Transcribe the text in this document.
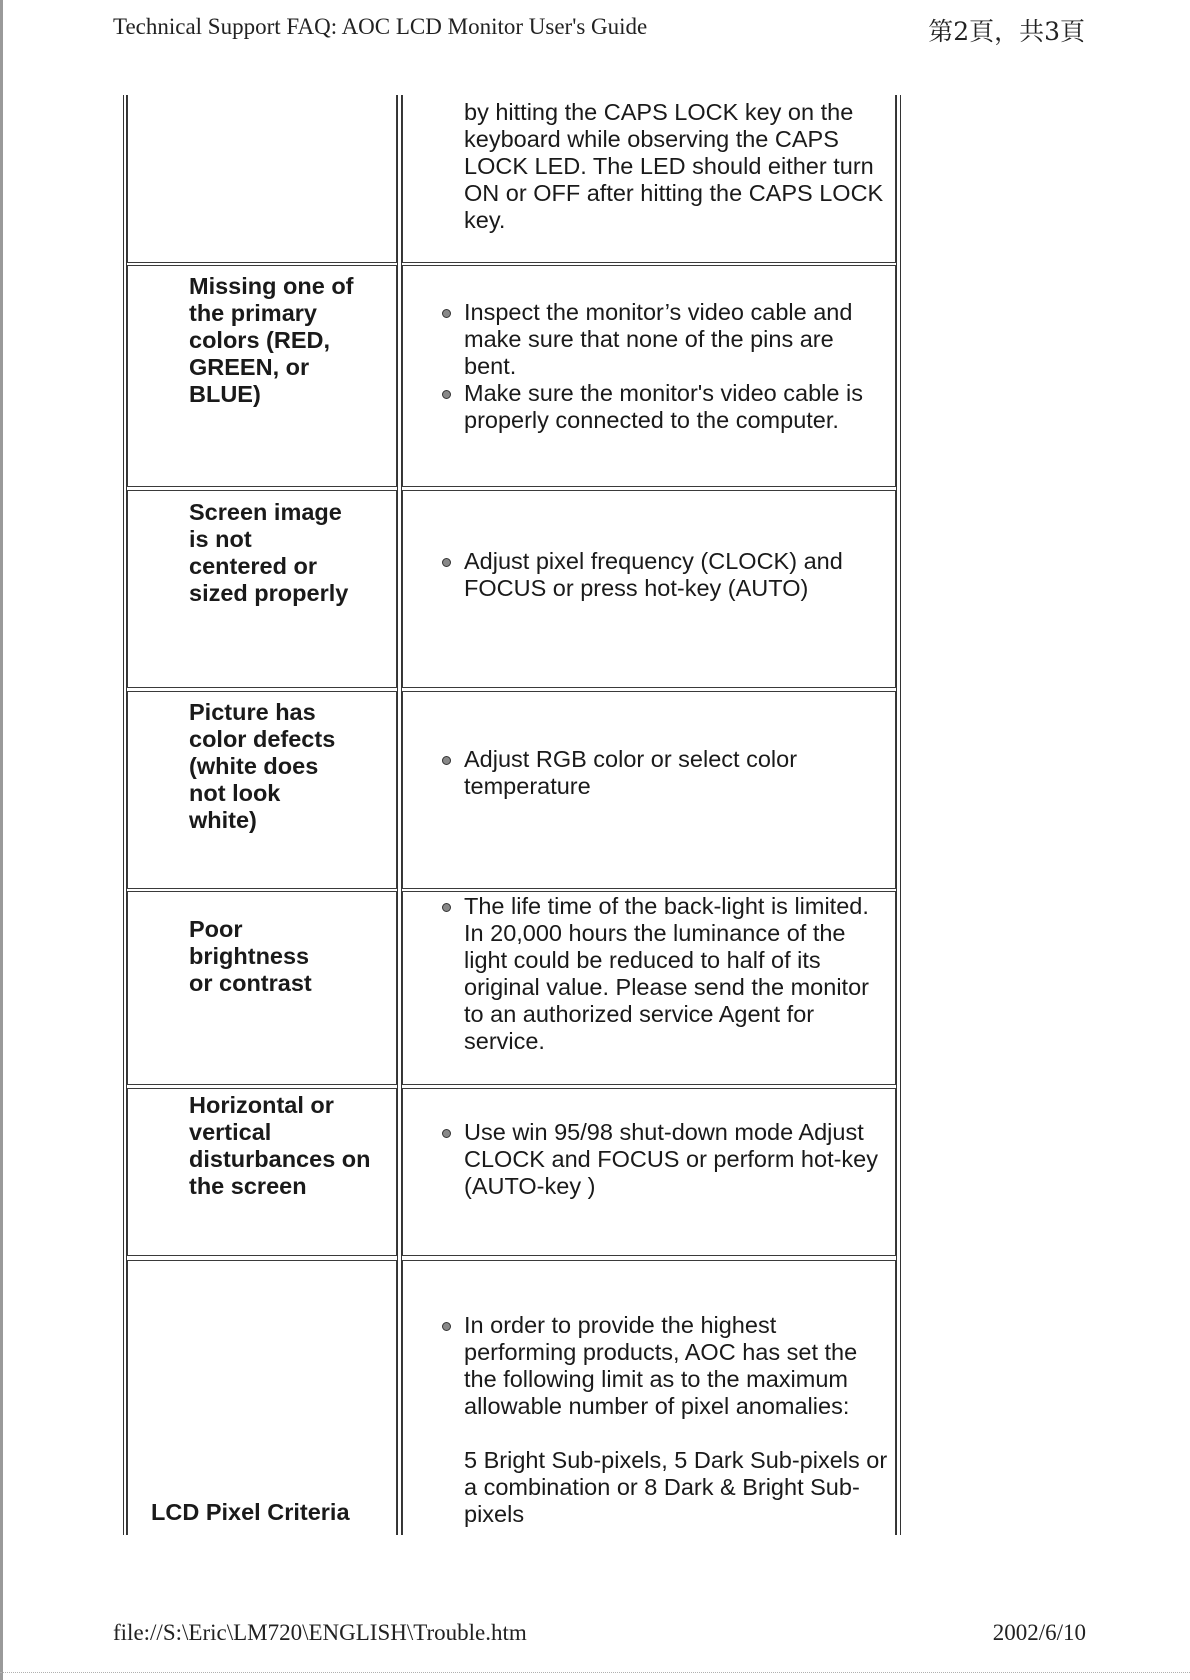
Technical Support FAQ: AOC LCD Monitor User's Guide	第2頁，共3頁
by hitting the CAPS LOCK key on the keyboard while observing the CAPS LOCK LED. The LED should either turn ON or OFF after hitting the CAPS LOCK key.
Missing one of the primary colors (RED, GREEN, or BLUE)
Inspect the monitor’s video cable and make sure that none of the pins are bent.
Make sure the monitor's video cable is properly connected to the computer.
Screen image is not centered or sized properly
Adjust pixel frequency (CLOCK) and FOCUS or press hot-key (AUTO)
Picture has color defects (white does not look white)
Adjust RGB color or select color temperature
Poor brightness or contrast
The life time of the back-light is limited. In 20,000 hours the luminance of the light could be reduced to half of its original value. Please send the monitor to an authorized service Agent for service.
Horizontal or vertical disturbances on the screen
Use win 95/98 shut-down mode Adjust CLOCK and FOCUS or perform hot-key (AUTO-key )
LCD Pixel Criteria

In order to provide the highest performing products, AOC has set the the following limit as to the maximum allowable number of pixel anomalies:

5 Bright Sub-pixels, 5 Dark Sub-pixels or a combination or 8 Dark & Bright Sub-pixels

file://S:\Eric\LM720\ENGLISH\Trouble.htm	2002/6/10
